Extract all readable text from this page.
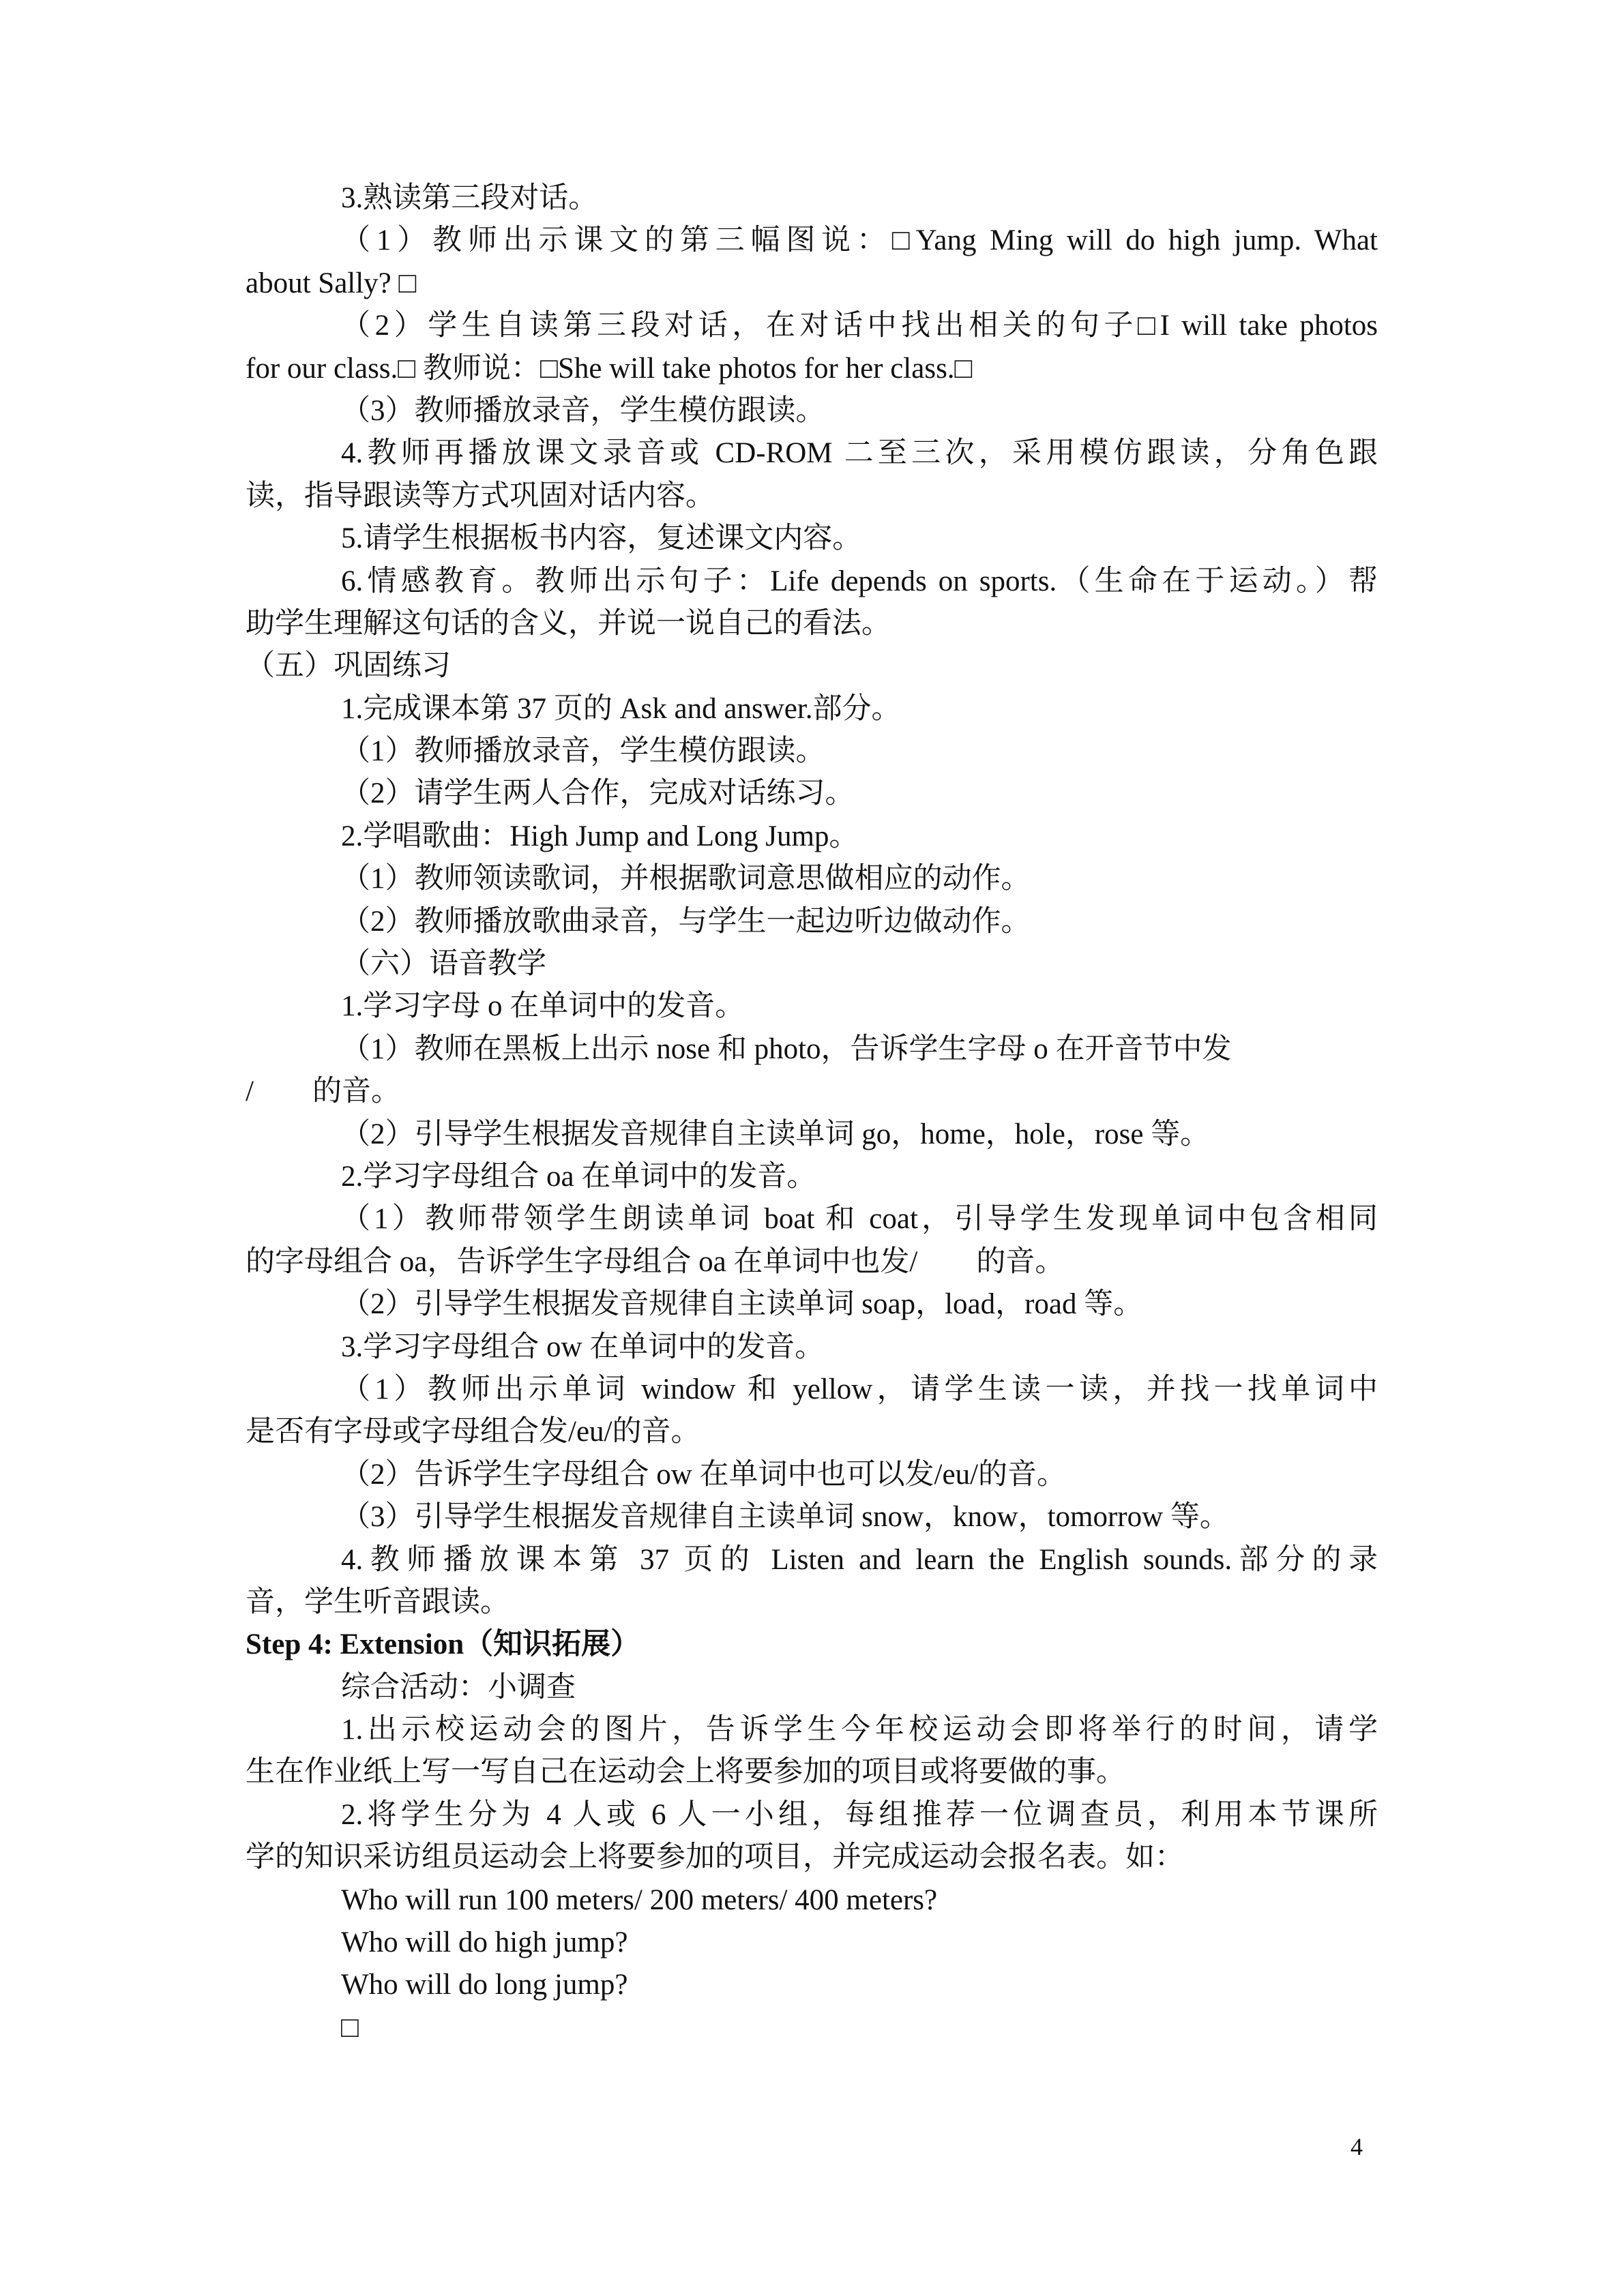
3.熟读第三段对话。
（1）教师出示课文的第三幅图说：□Yang Ming will do high jump. What
about Sally? □
（2）学生自读第三段对话，在对话中找出相关的句子□I will take photos
for our class.□ 教师说：□She will take photos for her class.□
（3）教师播放录音，学生模仿跟读。
4.教师再播放课文录音或 CD-ROM 二至三次，采用模仿跟读，分角色跟
读，指导跟读等方式巩固对话内容。
5.请学生根据板书内容，复述课文内容。
6.情感教育。教师出示句子：Life depends on sports.（生命在于运动。）帮
助学生理解这句话的含义，并说一说自己的看法。
（五）巩固练习
1.完成课本第 37 页的 Ask and answer.部分。
（1）教师播放录音，学生模仿跟读。
（2）请学生两人合作，完成对话练习。
2.学唱歌曲：High Jump and Long Jump。
（1）教师领读歌词，并根据歌词意思做相应的动作。
（2）教师播放歌曲录音，与学生一起边听边做动作。
（六）语音教学
1.学习字母 o 在单词中的发音。
（1）教师在黑板上出示 nose 和 photo，告诉学生字母 o 在开音节中发
/　　的音。
（2）引导学生根据发音规律自主读单词 go，home，hole，rose 等。
2.学习字母组合 oa 在单词中的发音。
（1）教师带领学生朗读单词 boat 和 coat，引导学生发现单词中包含相同
的字母组合 oa，告诉学生字母组合 oa 在单词中也发/　　的音。
（2）引导学生根据发音规律自主读单词 soap，load，road 等。
3.学习字母组合 ow 在单词中的发音。
（1）教师出示单词 window 和 yellow，请学生读一读，并找一找单词中
是否有字母或字母组合发/eu/的音。
（2）告诉学生字母组合 ow 在单词中也可以发/eu/的音。
（3）引导学生根据发音规律自主读单词 snow，know，tomorrow 等。
4.教师播放课本第 37 页的 Listen and learn the English sounds.部分的录
音，学生听音跟读。
Step 4: Extension（知识拓展）
综合活动：小调查
1.出示校运动会的图片，告诉学生今年校运动会即将举行的时间，请学
生在作业纸上写一写自己在运动会上将要参加的项目或将要做的事。
2.将学生分为 4 人或 6 人一小组，每组推荐一位调查员，利用本节课所
学的知识采访组员运动会上将要参加的项目，并完成运动会报名表。如：
Who will run 100 meters/ 200 meters/ 400 meters?
Who will do high jump?
Who will do long jump?
□
4
